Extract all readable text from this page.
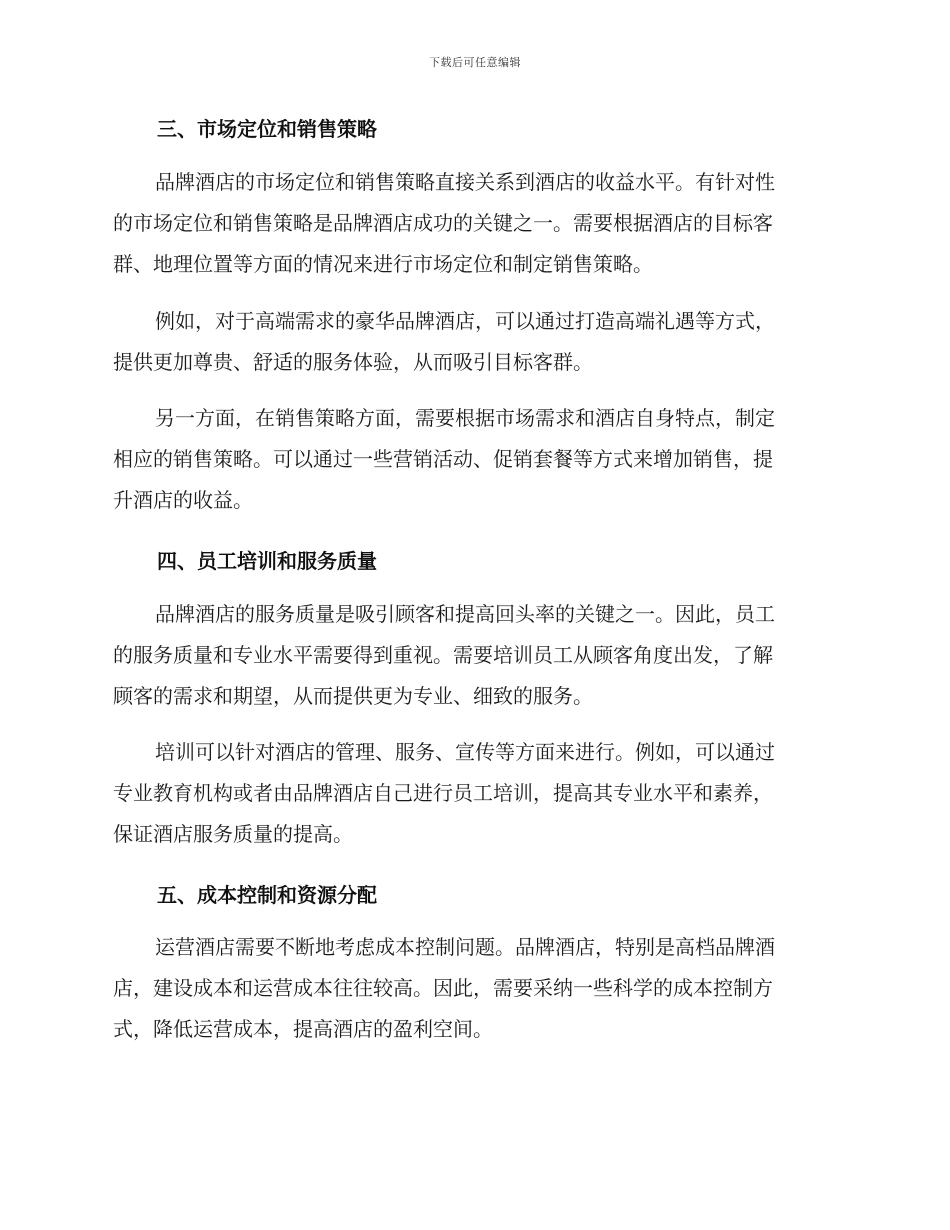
下载后可任意编辑
三、市场定位和销售策略
品牌酒店的市场定位和销售策略直接关系到酒店的收益水平。有针对性
的市场定位和销售策略是品牌酒店成功的关键之一。需要根据酒店的目标客
群、地理位置等方面的情况来进行市场定位和制定销售策略。
例如，对于高端需求的豪华品牌酒店，可以通过打造高端礼遇等方式，
提供更加尊贵、舒适的服务体验，从而吸引目标客群。
另一方面，在销售策略方面，需要根据市场需求和酒店自身特点，制定
相应的销售策略。可以通过一些营销活动、促销套餐等方式来增加销售，提
升酒店的收益。
四、员工培训和服务质量
品牌酒店的服务质量是吸引顾客和提高回头率的关键之一。因此，员工
的服务质量和专业水平需要得到重视。需要培训员工从顾客角度出发，了解
顾客的需求和期望，从而提供更为专业、细致的服务。
培训可以针对酒店的管理、服务、宣传等方面来进行。例如，可以通过
专业教育机构或者由品牌酒店自己进行员工培训，提高其专业水平和素养，
保证酒店服务质量的提高。
五、成本控制和资源分配
运营酒店需要不断地考虑成本控制问题。品牌酒店，特别是高档品牌酒
店，建设成本和运营成本往往较高。因此，需要采纳一些科学的成本控制方
式，降低运营成本，提高酒店的盈利空间。
